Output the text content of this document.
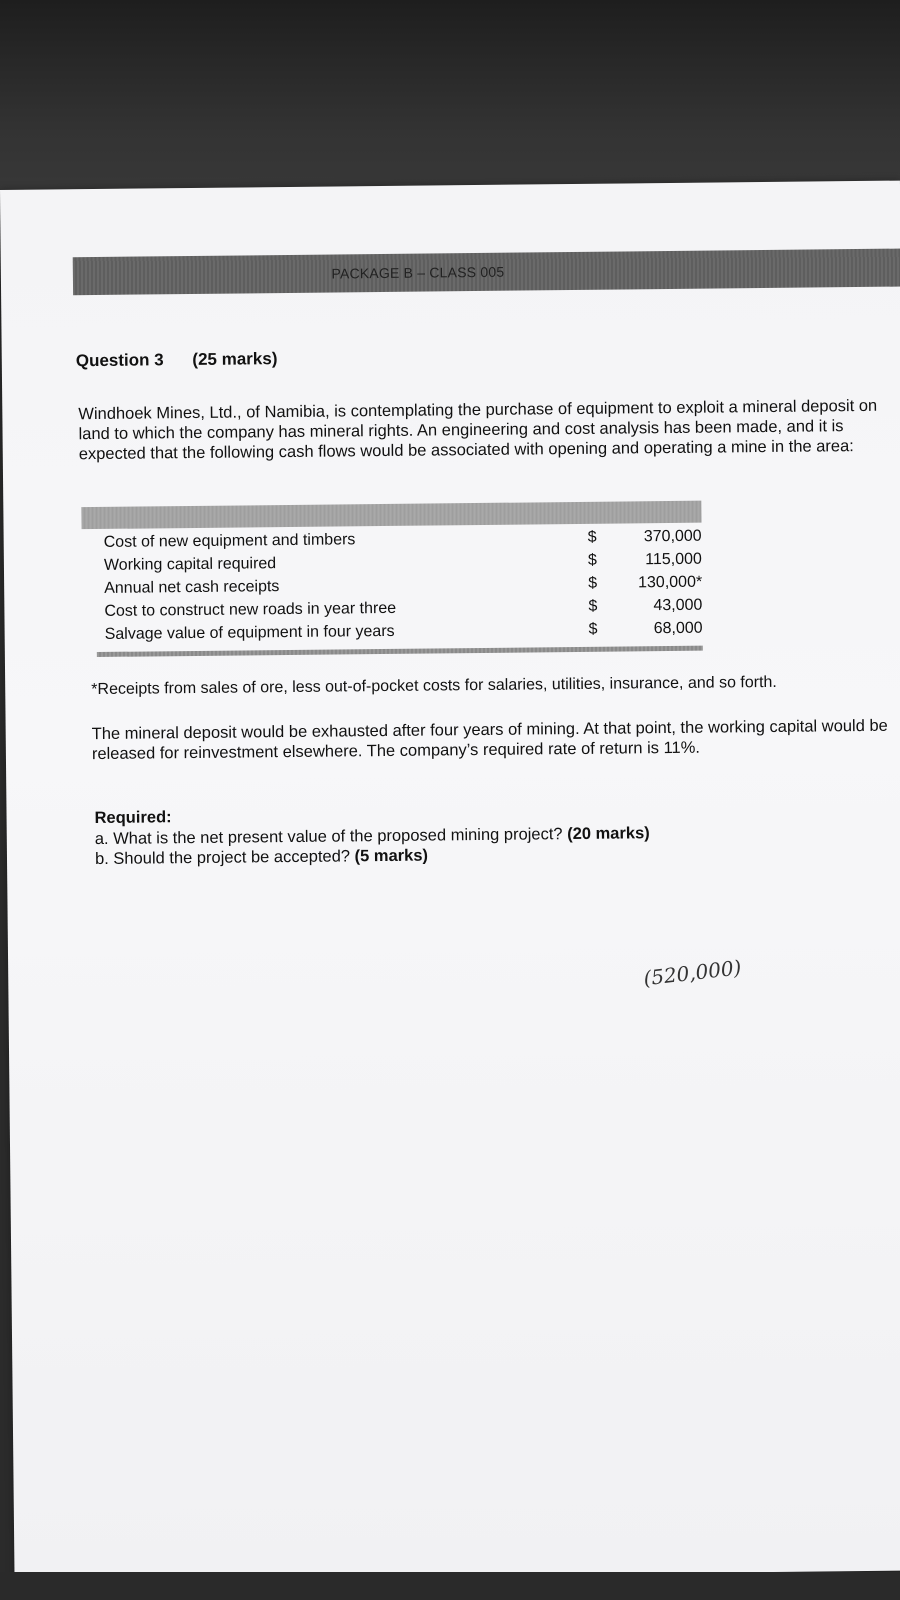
PACKAGE B – CLASS 005
Question 3 (25 marks)
Windhoek Mines, Ltd., of Namibia, is contemplating the purchase of equipment to exploit a mineral deposit on land to which the company has mineral rights. An engineering and cost analysis has been made, and it is expected that the following cash flows would be associated with opening and operating a mine in the area:
Cost of new equipment and timbers	$	370,000
Working capital required	$	115,000
Annual net cash receipts	$	130,000*
Cost to construct new roads in year three	$	43,000
Salvage value of equipment in four years	$	68,000
*Receipts from sales of ore, less out-of-pocket costs for salaries, utilities, insurance, and so forth.
The mineral deposit would be exhausted after four years of mining. At that point, the working capital would be released for reinvestment elsewhere. The company’s required rate of return is 11%.
Required:
a. What is the net present value of the proposed mining project? (20 marks)
b. Should the project be accepted? (5 marks)
(520,000)
